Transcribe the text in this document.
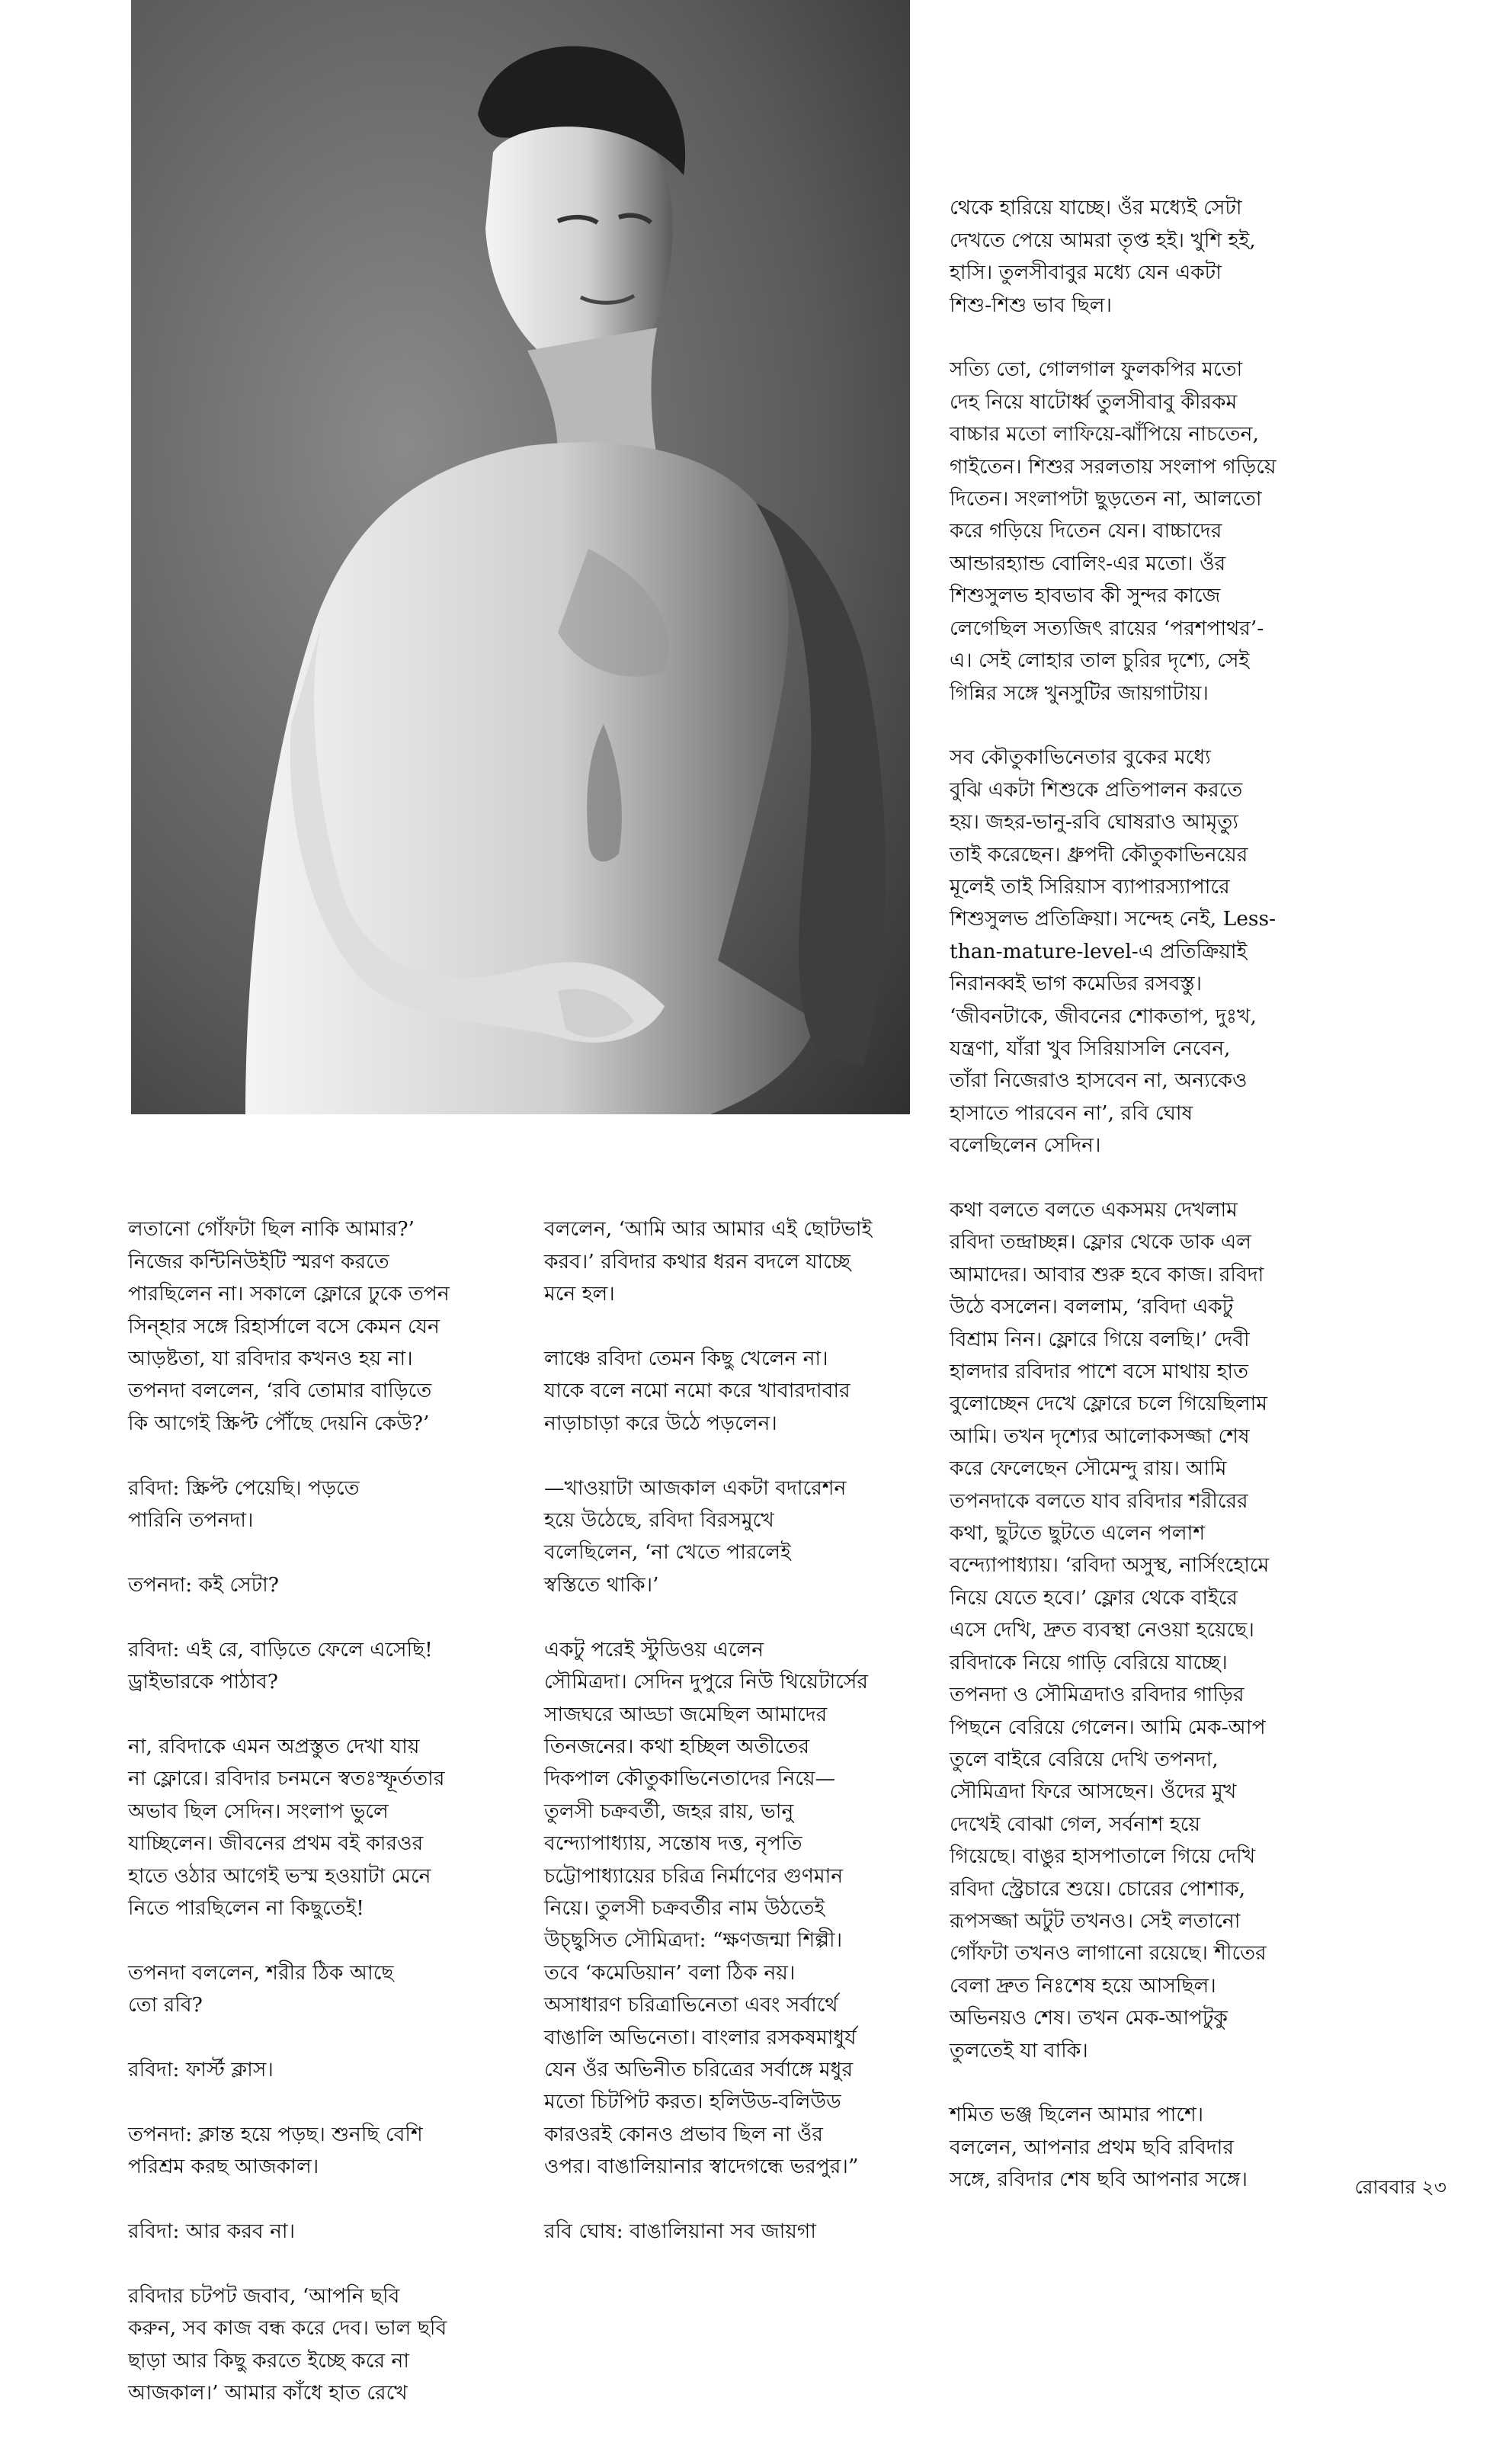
থেকে হারিয়ে যাচ্ছে। ওঁর মধ্যেই সেটা
দেখতে পেয়ে আমরা তৃপ্ত হই। খুশি হই,
হাসি। তুলসীবাবুর মধ্যে যেন একটা
শিশু-শিশু ভাব ছিল।

সত্যি তো, গোলগাল ফুলকপির মতো
দেহ নিয়ে ষাটোর্ধ্ব তুলসীবাবু কীরকম
বাচ্চার মতো লাফিয়ে-ঝাঁপিয়ে নাচতেন,
গাইতেন। শিশুর সরলতায় সংলাপ গড়িয়ে
দিতেন। সংলাপটা ছুড়তেন না, আলতো
করে গড়িয়ে দিতেন যেন। বাচ্চাদের
আন্ডারহ্যান্ড বোলিং-এর মতো। ওঁর
শিশুসুলভ হাবভাব কী সুন্দর কাজে
লেগেছিল সত্যজিৎ রায়ের ‘পরশপাথর’-
এ। সেই লোহার তাল চুরির দৃশ্যে, সেই
গিন্নির সঙ্গে খুনসুটির জায়গাটায়।

সব কৌতুকাভিনেতার বুকের মধ্যে
বুঝি একটা শিশুকে প্রতিপালন করতে
হয়। জহর-ভানু-রবি ঘোষরাও আমৃত্যু
তাই করেছেন। ধ্রুপদী কৌতুকাভিনয়ের
মূলেই তাই সিরিয়াস ব্যাপারস্যাপারে
শিশুসুলভ প্রতিক্রিয়া। সন্দেহ নেই, Less-
than-mature-level-এ প্রতিক্রিয়াই
নিরানব্বই ভাগ কমেডির রসবস্তু।
‘জীবনটাকে, জীবনের শোকতাপ, দুঃখ,
যন্ত্রণা, যাঁরা খুব সিরিয়াসলি নেবেন,
তাঁরা নিজেরাও হাসবেন না, অন্যকেও
হাসাতে পারবেন না’, রবি ঘোষ
বলেছিলেন সেদিন।

কথা বলতে বলতে একসময় দেখলাম
রবিদা তন্দ্রাচ্ছন্ন। ফ্লোর থেকে ডাক এল
আমাদের। আবার শুরু হবে কাজ। রবিদা
উঠে বসলেন। বললাম, ‘রবিদা একটু
বিশ্রাম নিন। ফ্লোরে গিয়ে বলছি।’ দেবী
হালদার রবিদার পাশে বসে মাথায় হাত
বুলোচ্ছেন দেখে ফ্লোরে চলে গিয়েছিলাম
আমি। তখন দৃশ্যের আলোকসজ্জা শেষ
করে ফেলেছেন সৌমেন্দু রায়। আমি
তপনদাকে বলতে যাব রবিদার শরীরের
কথা, ছুটতে ছুটতে এলেন পলাশ
বন্দ্যোপাধ্যায়। ‘রবিদা অসুস্থ, নার্সিংহোমে
নিয়ে যেতে হবে।’ ফ্লোর থেকে বাইরে
এসে দেখি, দ্রুত ব্যবস্থা নেওয়া হয়েছে।
রবিদাকে নিয়ে গাড়ি বেরিয়ে যাচ্ছে।
তপনদা ও সৌমিত্রদাও রবিদার গাড়ির
পিছনে বেরিয়ে গেলেন। আমি মেক-আপ
তুলে বাইরে বেরিয়ে দেখি তপনদা,
সৌমিত্রদা ফিরে আসছেন। ওঁদের মুখ
দেখেই বোঝা গেল, সর্বনাশ হয়ে
গিয়েছে। বাঙুর হাসপাতালে গিয়ে দেখি
রবিদা স্ট্রেচারে শুয়ে। চোরের পোশাক,
রূপসজ্জা অটুট তখনও। সেই লতানো
গোঁফটা তখনও লাগানো রয়েছে। শীতের
বেলা দ্রুত নিঃশেষ হয়ে আসছিল।
অভিনয়ও শেষ। তখন মেক-আপটুকু
তুলতেই যা বাকি।

শমিত ভঞ্জ ছিলেন আমার পাশে।
বললেন, আপনার প্রথম ছবি রবিদার
সঙ্গে, রবিদার শেষ ছবি আপনার সঙ্গে।

লতানো গোঁফটা ছিল নাকি আমার?’
নিজের কন্টিনিউইটি স্মরণ করতে
পারছিলেন না। সকালে ফ্লোরে ঢুকে তপন
সিন্হার সঙ্গে রিহার্সালে বসে কেমন যেন
আড়ষ্টতা, যা রবিদার কখনও হয় না।
তপনদা বললেন, ‘রবি তোমার বাড়িতে
কি আগেই স্ক্রিপ্ট পৌঁছে দেয়নি কেউ?’

রবিদা: স্ক্রিপ্ট পেয়েছি। পড়তে
পারিনি তপনদা।

তপনদা: কই সেটা?

রবিদা: এই রে, বাড়িতে ফেলে এসেছি!
ড্রাইভারকে পাঠাব?

না, রবিদাকে এমন অপ্রস্তুত দেখা যায়
না ফ্লোরে। রবিদার চনমনে স্বতঃস্ফূর্ততার
অভাব ছিল সেদিন। সংলাপ ভুলে
যাচ্ছিলেন। জীবনের প্রথম বই কারওর
হাতে ওঠার আগেই ভস্ম হওয়াটা মেনে
নিতে পারছিলেন না কিছুতেই!

তপনদা বললেন, শরীর ঠিক আছে
তো রবি?

রবিদা: ফার্স্ট ক্লাস।

তপনদা: ক্লান্ত হয়ে পড়ছ। শুনছি বেশি
পরিশ্রম করছ আজকাল।

রবিদা: আর করব না।

রবিদার চটপট জবাব, ‘আপনি ছবি
করুন, সব কাজ বন্ধ করে দেব। ভাল ছবি
ছাড়া আর কিছু করতে ইচ্ছে করে না
আজকাল।’ আমার কাঁধে হাত রেখে

বললেন, ‘আমি আর আমার এই ছোটভাই
করব।’ রবিদার কথার ধরন বদলে যাচ্ছে
মনে হল।

লাঞ্চে রবিদা তেমন কিছু খেলেন না।
যাকে বলে নমো নমো করে খাবারদাবার
নাড়াচাড়া করে উঠে পড়লেন।

—খাওয়াটা আজকাল একটা বদারেশন
হয়ে উঠেছে, রবিদা বিরসমুখে
বলেছিলেন, ‘না খেতে পারলেই
স্বস্তিতে থাকি।’

একটু পরেই স্টুডিওয় এলেন
সৌমিত্রদা। সেদিন দুপুরে নিউ থিয়েটার্সের
সাজঘরে আড্ডা জমেছিল আমাদের
তিনজনের। কথা হচ্ছিল অতীতের
দিকপাল কৌতুকাভিনেতাদের নিয়ে—
তুলসী চক্রবর্তী, জহর রায়, ভানু
বন্দ্যোপাধ্যায়, সন্তোষ দত্ত, নৃপতি
চট্টোপাধ্যায়ের চরিত্র নির্মাণের গুণমান
নিয়ে। তুলসী চক্রবর্তীর নাম উঠতেই
উচ্ছ্বসিত সৌমিত্রদা: “ক্ষণজন্মা শিল্পী।
তবে ‘কমেডিয়ান’ বলা ঠিক নয়।
অসাধারণ চরিত্রাভিনেতা এবং সর্বার্থে
বাঙালি অভিনেতা। বাংলার রসকষমাধুর্য
যেন ওঁর অভিনীত চরিত্রের সর্বাঙ্গে মধুর
মতো চিটপিট করত। হলিউড-বলিউড
কারওরই কোনও প্রভাব ছিল না ওঁর
ওপর। বাঙালিয়ানার স্বাদেগন্ধে ভরপুর।”

রবি ঘোষ: বাঙালিয়ানা সব জায়গা

রোববার ২৩
